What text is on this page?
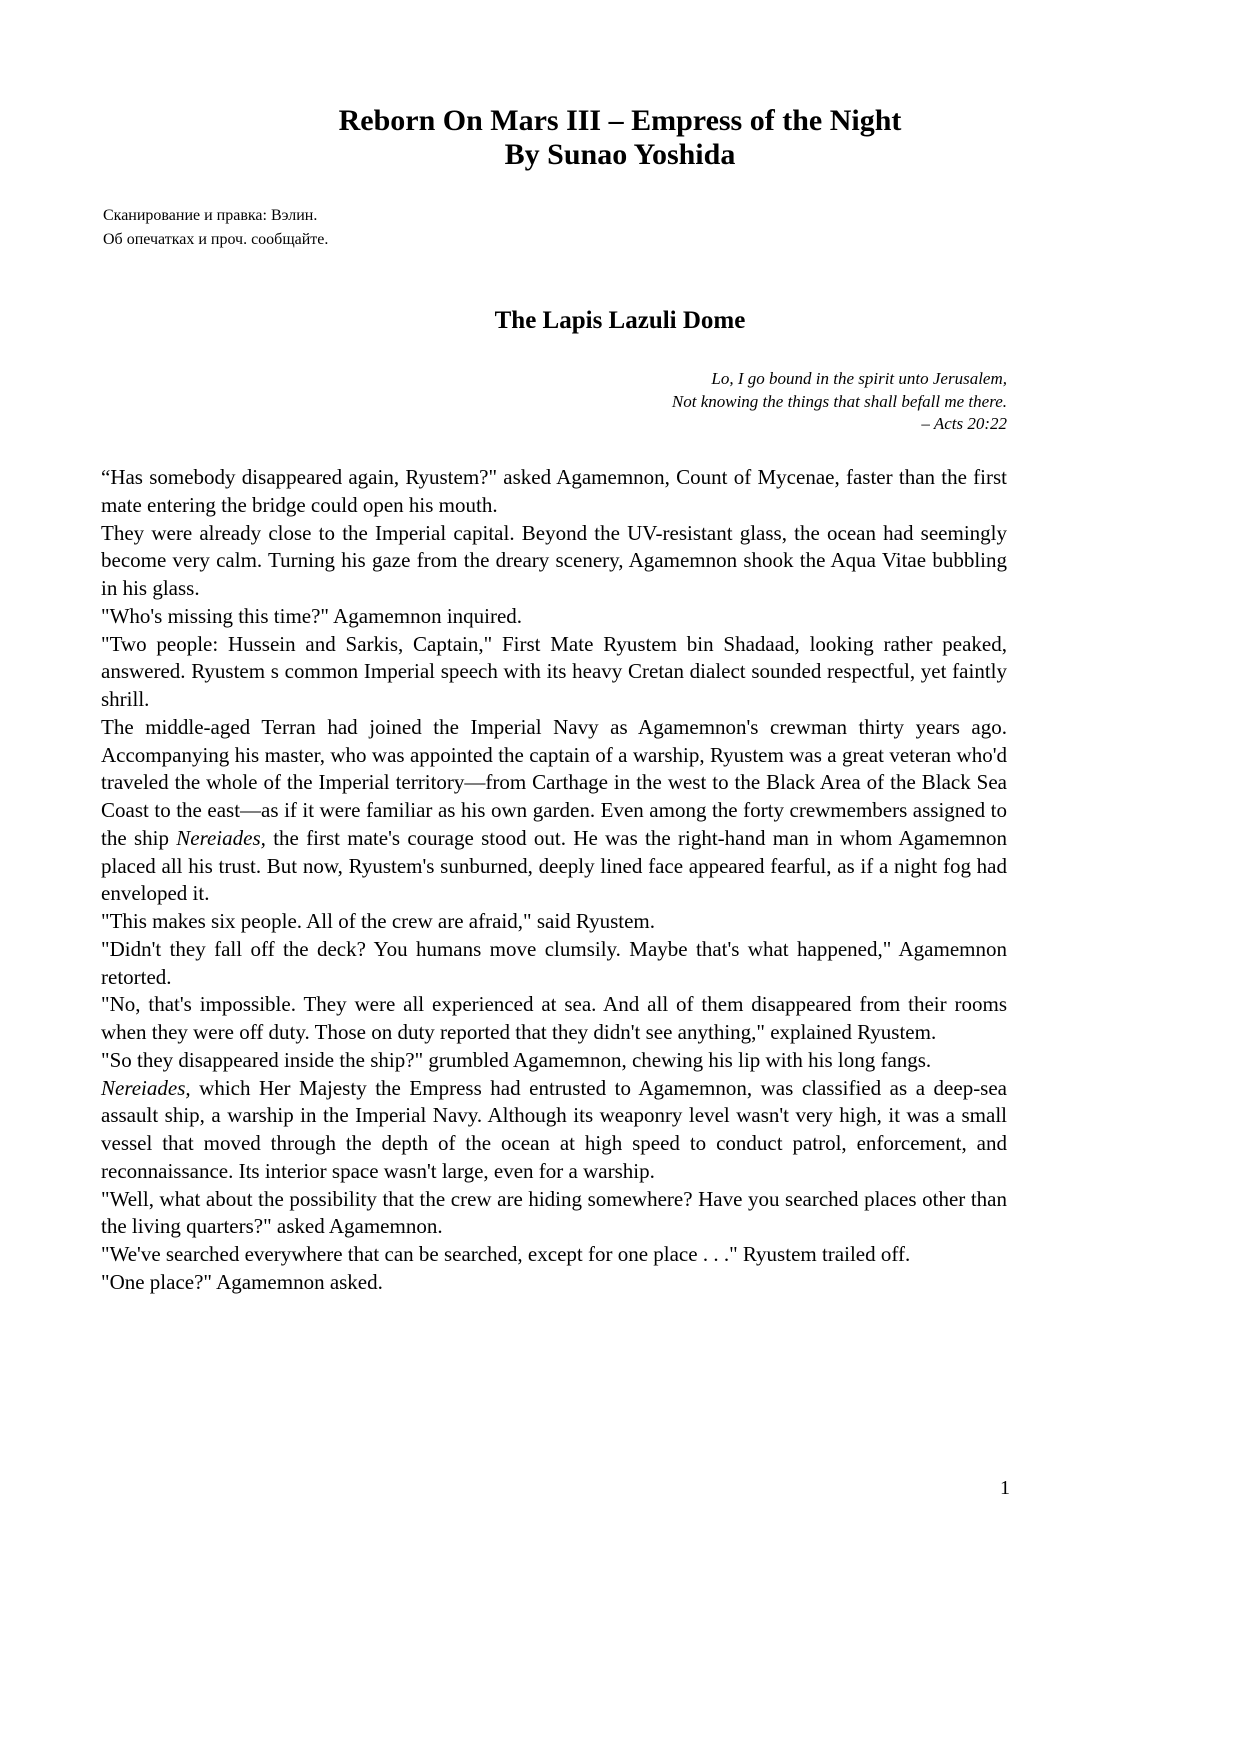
Reborn On Mars III – Empress of the Night
By Sunao Yoshida
Сканирование и правка: Вэлин.
Об опечатках и проч. сообщайте.
The Lapis Lazuli Dome
Lo, I go bound in the spirit unto Jerusalem,
Not knowing the things that shall befall me there.
– Acts 20:22

“Has somebody disappeared again, Ryustem?" asked Agamemnon, Count of Mycenae, faster than the first mate entering the bridge could open his mouth.

They were already close to the Imperial capital. Beyond the UV-resistant glass, the ocean had seemingly become very calm. Turning his gaze from the dreary scenery, Agamemnon shook the Aqua Vitae bubbling in his glass.

"Who's missing this time?" Agamemnon inquired.

"Two people: Hussein and Sarkis, Captain," First Mate Ryustem bin Shadaad, looking rather peaked, answered. Ryustem s common Imperial speech with its heavy Cretan dialect sounded respectful, yet faintly shrill.

The middle-aged Terran had joined the Imperial Navy as Agamemnon's crewman thirty years ago. Accompanying his master, who was appointed the captain of a warship, Ryustem was a great veteran who'd traveled the whole of the Imperial territory—from Carthage in the west to the Black Area of the Black Sea Coast to the east—as if it were familiar as his own garden. Even among the forty crewmembers assigned to the ship Nereiades, the first mate's courage stood out. He was the right-hand man in whom Agamemnon placed all his trust. But now, Ryustem's sunburned, deeply lined face appeared fearful, as if a night fog had enveloped it.

"This makes six people. All of the crew are afraid," said Ryustem.

"Didn't they fall off the deck? You humans move clumsily. Maybe that's what happened," Agamemnon retorted.

"No, that's impossible. They were all experienced at sea. And all of them disappeared from their rooms when they were off duty. Those on duty reported that they didn't see anything," explained Ryustem.

"So they disappeared inside the ship?" grumbled Agamemnon, chewing his lip with his long fangs.

Nereiades, which Her Majesty the Empress had entrusted to Agamemnon, was classified as a deep-sea assault ship, a warship in the Imperial Navy. Although its weaponry level wasn't very high, it was a small vessel that moved through the depth of the ocean at high speed to conduct patrol, enforcement, and reconnaissance. Its interior space wasn't large, even for a warship.

"Well, what about the possibility that the crew are hiding somewhere? Have you searched places other than the living quarters?" asked Agamemnon.

"We've searched everywhere that can be searched, except for one place . . ." Ryustem trailed off.

"One place?" Agamemnon asked.

1
